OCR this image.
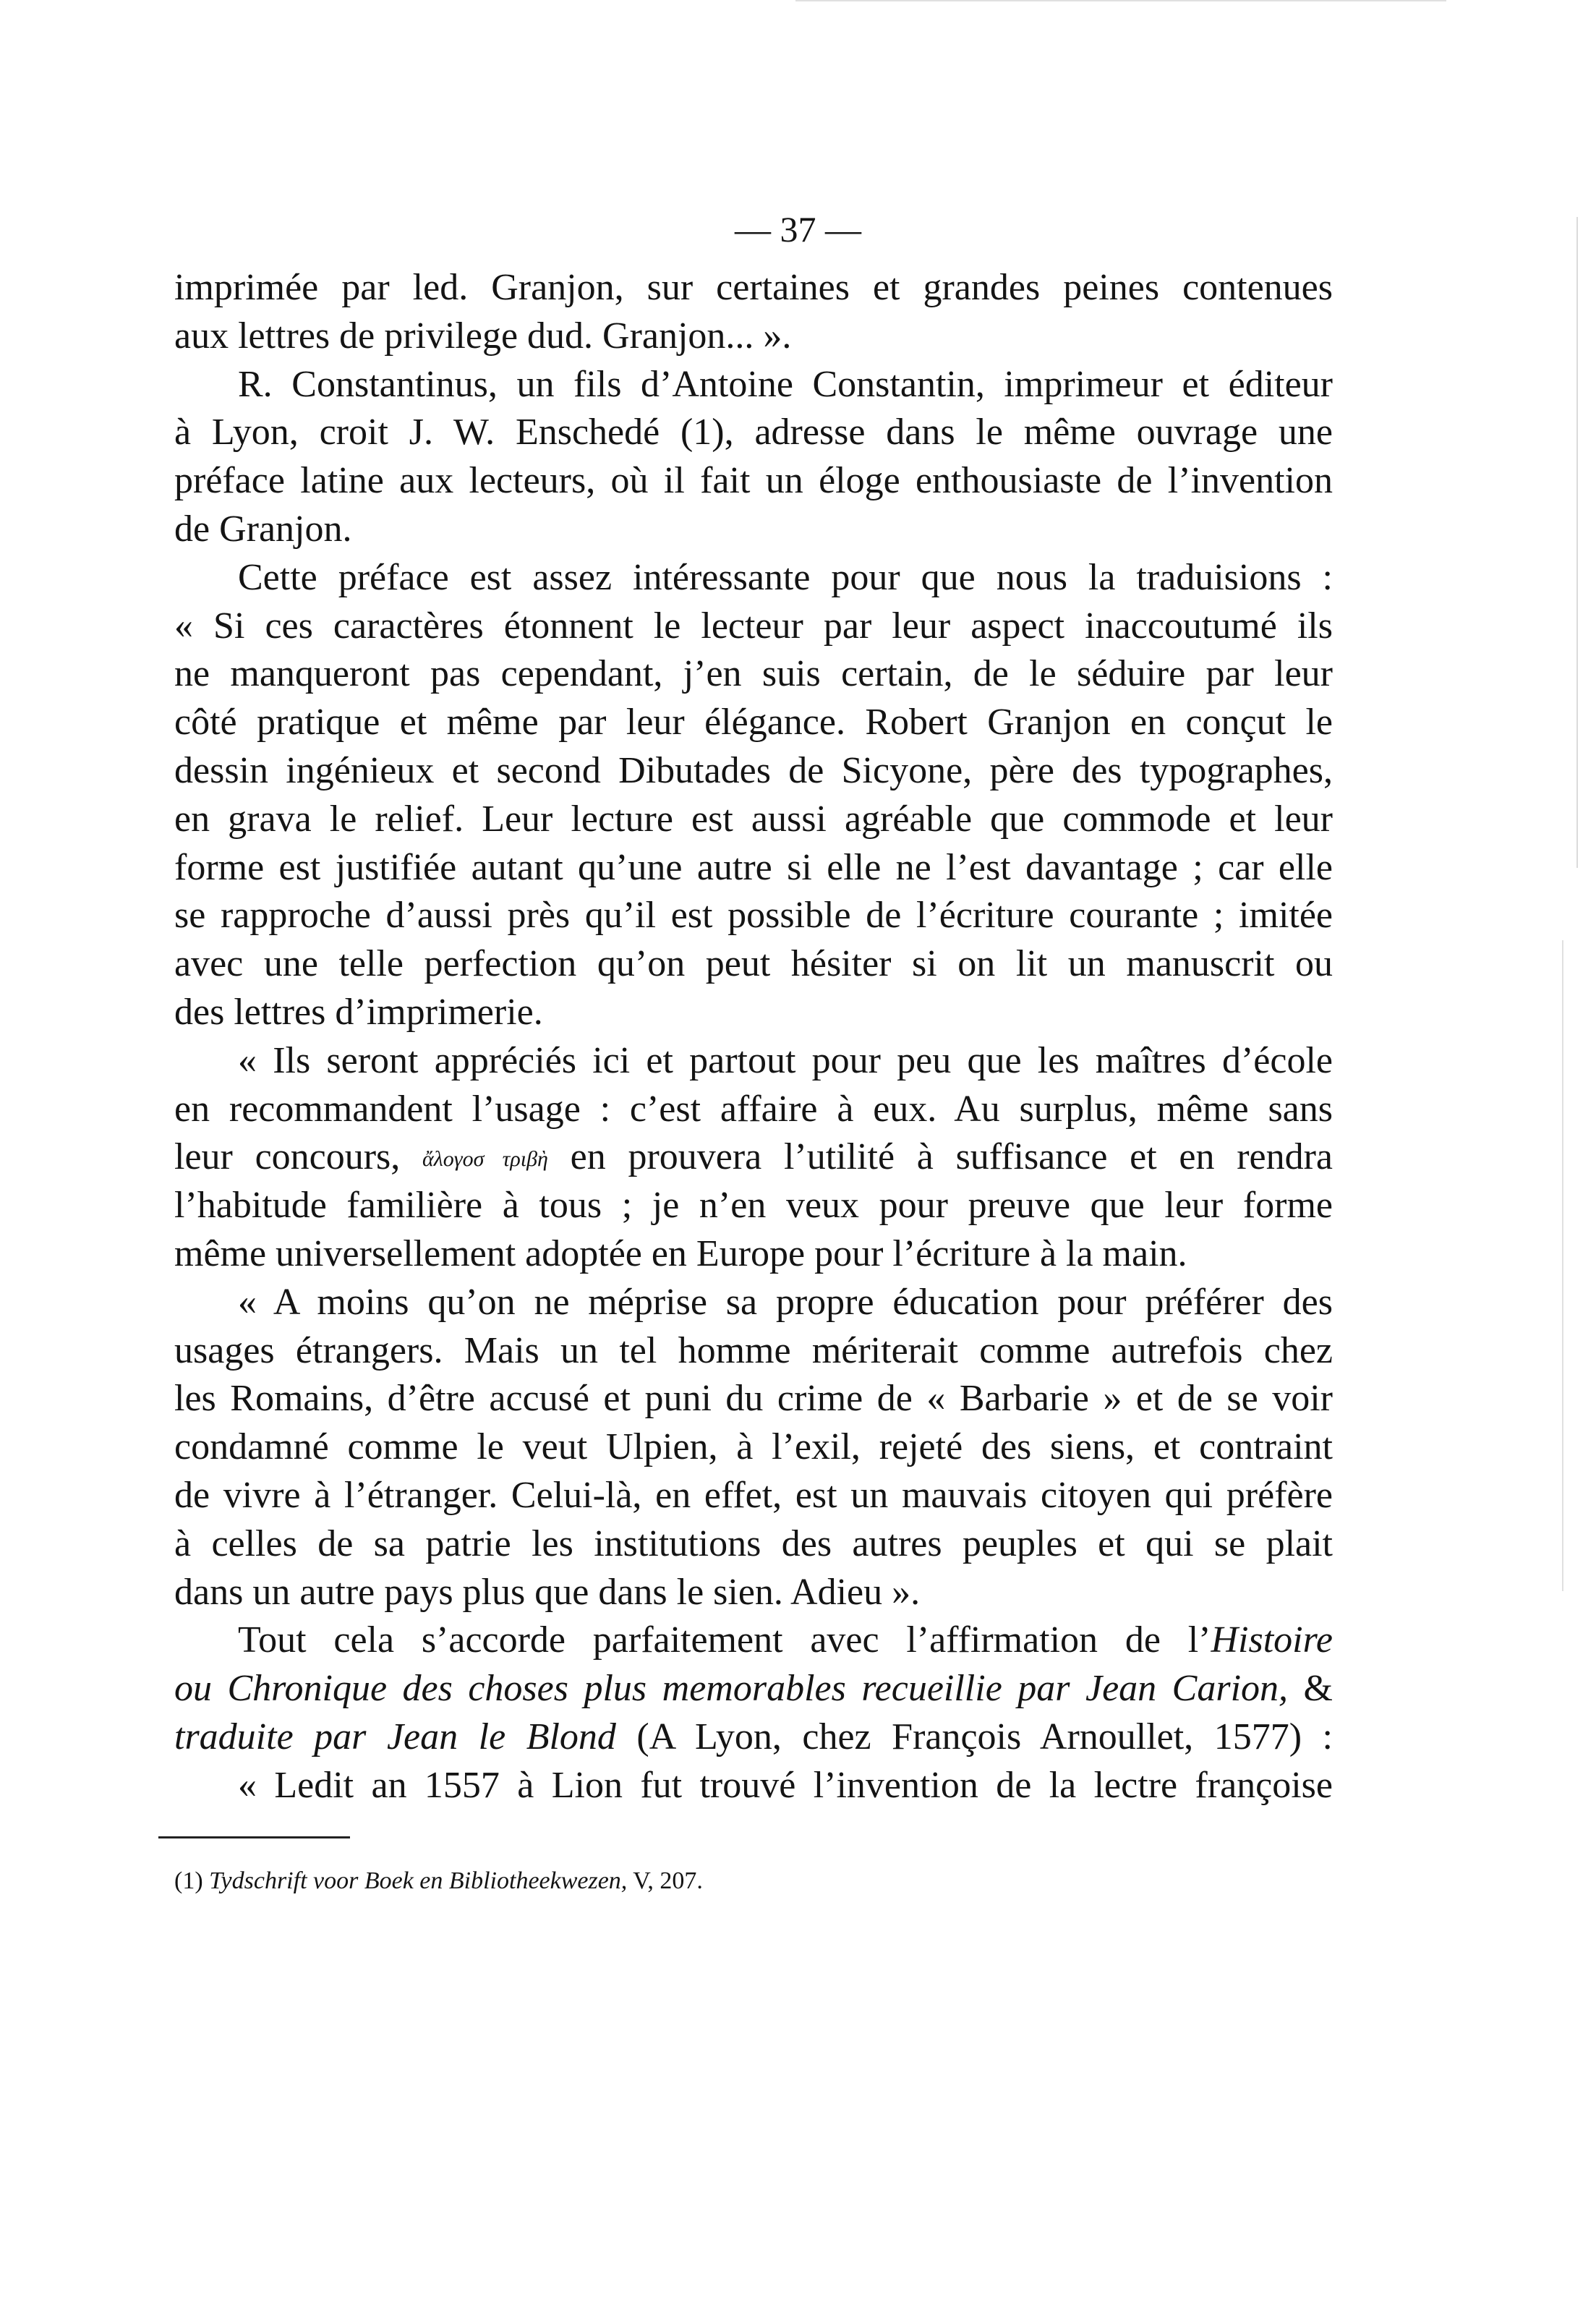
— 37 —
imprimée par led. Granjon, sur certaines et grandes peines contenues
aux lettres de privilege dud. Granjon... ».
R. Constantinus, un fils d’Antoine Constantin, imprimeur et éditeur
à Lyon, croit J. W. Enschedé (1), adresse dans le même ouvrage une
préface latine aux lecteurs, où il fait un éloge enthousiaste de l’invention
de Granjon.
Cette préface est assez intéressante pour que nous la traduisions :
« Si ces caractères étonnent le lecteur par leur aspect inaccoutumé ils
ne manqueront pas cependant, j’en suis certain, de le séduire par leur
côté pratique et même par leur élégance. Robert Granjon en conçut le
dessin ingénieux et second Dibutades de Sicyone, père des typographes,
en grava le relief. Leur lecture est aussi agréable que commode et leur
forme est justifiée autant qu’une autre si elle ne l’est davantage ; car elle
se rapproche d’aussi près qu’il est possible de l’écriture courante ; imitée
avec une telle perfection qu’on peut hésiter si on lit un manuscrit ou
des lettres d’imprimerie.
« Ils seront appréciés ici et partout pour peu que les maîtres d’école
en recommandent l’usage : c’est affaire à eux. Au surplus, même sans
leur concours, ἄλογοσ τριβὴ en prouvera l’utilité à suffisance et en rendra
l’habitude familière à tous ; je n’en veux pour preuve que leur forme
même universellement adoptée en Europe pour l’écriture à la main.
« A moins qu’on ne méprise sa propre éducation pour préférer des
usages étrangers. Mais un tel homme mériterait comme autrefois chez
les Romains, d’être accusé et puni du crime de « Barbarie » et de se voir
condamné comme le veut Ulpien, à l’exil, rejeté des siens, et contraint
de vivre à l’étranger. Celui-là, en effet, est un mauvais citoyen qui préfère
à celles de sa patrie les institutions des autres peuples et qui se plait
dans un autre pays plus que dans le sien. Adieu ».
Tout cela s’accorde parfaitement avec l’affirmation de l’Histoire
ou Chronique des choses plus memorables recueillie par Jean Carion, &
traduite par Jean le Blond (A Lyon, chez François Arnoullet, 1577) :
« Ledit an 1557 à Lion fut trouvé l’invention de la lectre françoise
(1) Tydschrift voor Boek en Bibliotheekwezen, V, 207.
